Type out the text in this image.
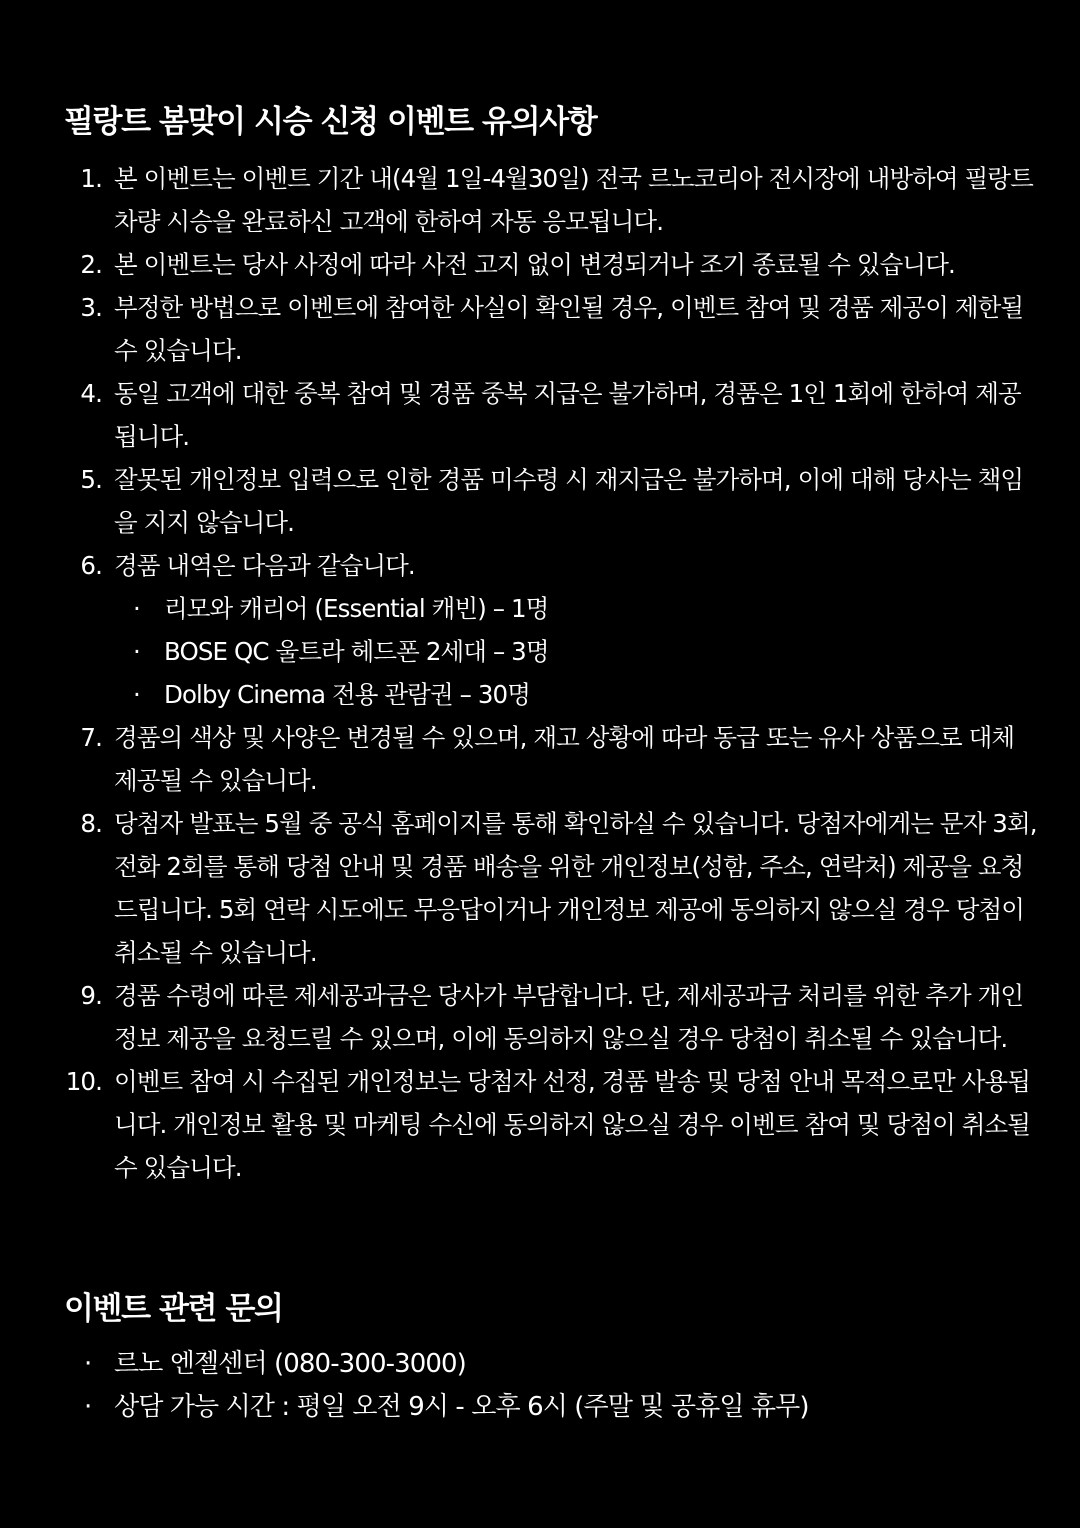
필랑트 봄맞이 시승 신청 이벤트 유의사항
1. 본 이벤트는 이벤트 기간 내(4월 1일-4월30일) 전국 르노코리아 전시장에 내방하여 필랑트 차량 시승을 완료하신 고객에 한하여 자동 응모됩니다.
2. 본 이벤트는 당사 사정에 따라 사전 고지 없이 변경되거나 조기 종료될 수 있습니다.
3. 부정한 방법으로 이벤트에 참여한 사실이 확인될 경우, 이벤트 참여 및 경품 제공이 제한될 수 있습니다.
4. 동일 고객에 대한 중복 참여 및 경품 중복 지급은 불가하며, 경품은 1인 1회에 한하여 제공됩니다.
5. 잘못된 개인정보 입력으로 인한 경품 미수령 시 재지급은 불가하며, 이에 대해 당사는 책임을 지지 않습니다.
6. 경품 내역은 다음과 같습니다.
· 리모와 캐리어 (Essential 캐빈) – 1명
· BOSE QC 울트라 헤드폰 2세대 – 3명
· Dolby Cinema 전용 관람권 – 30명
7. 경품의 색상 및 사양은 변경될 수 있으며, 재고 상황에 따라 동급 또는 유사 상품으로 대체 제공될 수 있습니다.
8. 당첨자 발표는 5월 중 공식 홈페이지를 통해 확인하실 수 있습니다. 당첨자에게는 문자 3회, 전화 2회를 통해 당첨 안내 및 경품 배송을 위한 개인정보(성함, 주소, 연락처) 제공을 요청드립니다. 5회 연락 시도에도 무응답이거나 개인정보 제공에 동의하지 않으실 경우 당첨이 취소될 수 있습니다.
9. 경품 수령에 따른 제세공과금은 당사가 부담합니다. 단, 제세공과금 처리를 위한 추가 개인정보 제공을 요청드릴 수 있으며, 이에 동의하지 않으실 경우 당첨이 취소될 수 있습니다.
10. 이벤트 참여 시 수집된 개인정보는 당첨자 선정, 경품 발송 및 당첨 안내 목적으로만 사용됩니다. 개인정보 활용 및 마케팅 수신에 동의하지 않으실 경우 이벤트 참여 및 당첨이 취소될 수 있습니다.
이벤트 관련 문의
· 르노 엔젤센터 (080-300-3000)
· 상담 가능 시간 : 평일 오전 9시 - 오후 6시 (주말 및 공휴일 휴무)
